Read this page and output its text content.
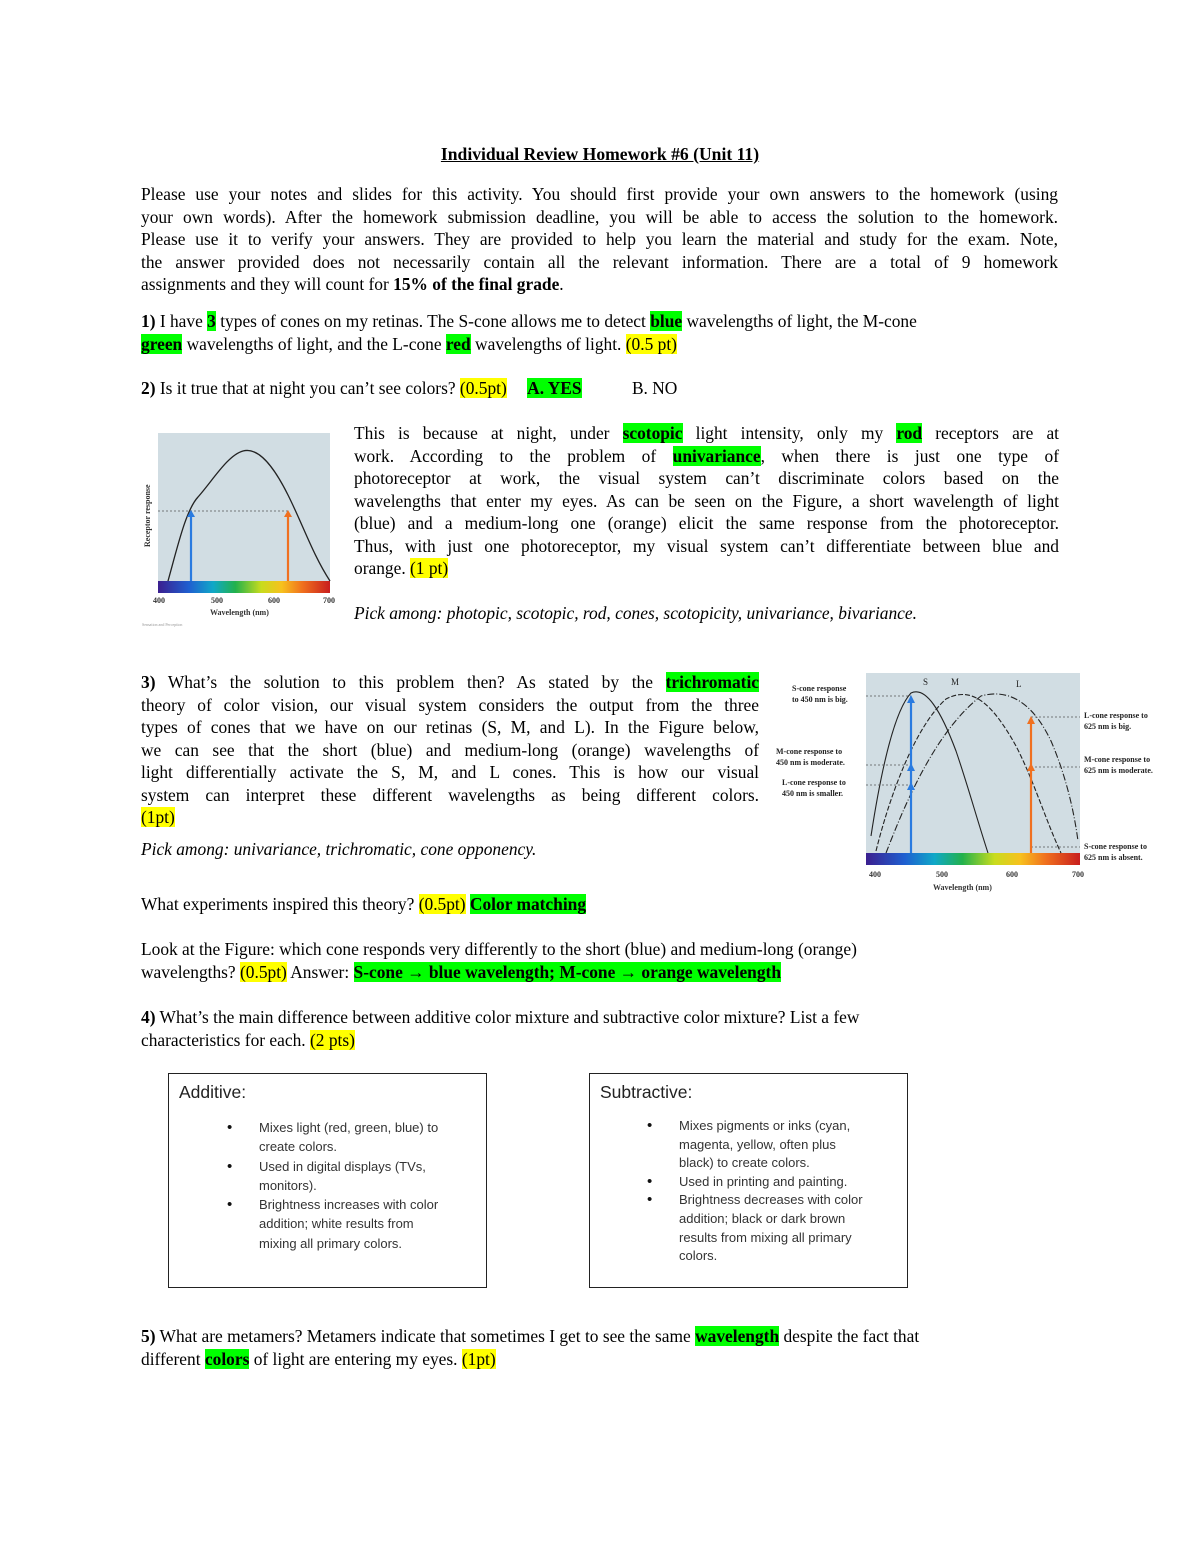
Individual Review Homework #6 (Unit 11)
Please use your notes and slides for this activity. You should first provide your own answers to the homework (using
your own words). After the homework submission deadline, you will be able to access the solution to the homework.
Please use it to verify your answers. They are provided to help you learn the material and study for the exam. Note,
the answer provided does not necessarily contain all the relevant information. There are a total of 9 homework
assignments and they will count for 15% of the final grade.
1) I have 3 types of cones on my retinas. The S-cone allows me to detect blue wavelengths of light, the M-cone
green wavelengths of light, and the L-cone red wavelengths of light. (0.5 pt)
2) Is it true that at night you can’t see colors? (0.5pt) A. YES	B. NO
Receptor response
400	500	600	700
Wavelength (nm)
Sensation and Perception
This is because at night, under scotopic light intensity, only my rod receptors are at
work. According to the problem of univariance, when there is just one type of
photoreceptor at work, the visual system can’t discriminate colors based on the
wavelengths that enter my eyes. As can be seen on the Figure, a short wavelength of light
(blue) and a medium-long one (orange) elicit the same response from the photoreceptor.
Thus, with just one photoreceptor, my visual system can’t differentiate between blue and
orange. (1 pt)
Pick among: photopic, scotopic, rod, cones, scotopicity, univariance, bivariance.
3) What’s the solution to this problem then? As stated by the trichromatic
theory of color vision, our visual system considers the output from the three
types of cones that we have on our retinas (S, M, and L). In the Figure below,
we can see that the short (blue) and medium-long (orange) wavelengths of
light differentially activate the S, M, and L cones. This is how our visual
system can interpret these different wavelengths as being different colors.
(1pt)
Pick among: univariance, trichromatic, cone opponency.
S	M	L
S-cone response
to 450 nm is big.
M-cone response to
450 nm is moderate.
L-cone response to
450 nm is smaller.
L-cone response to
625 nm is big.
M-cone response to
625 nm is moderate.
S-cone response to
625 nm is absent.
400	500	600	700
Wavelength (nm)
What experiments inspired this theory? (0.5pt) Color matching
Look at the Figure: which cone responds very differently to the short (blue) and medium-long (orange)
wavelengths? (0.5pt) Answer: S-cone → blue wavelength; M-cone → orange wavelength
4) What’s the main difference between additive color mixture and subtractive color mixture? List a few
characteristics for each. (2 pts)
Additive:
• Mixes light (red, green, blue) to
create colors.
• Used in digital displays (TVs,
monitors).
• Brightness increases with color
addition; white results from
mixing all primary colors.
Subtractive:
• Mixes pigments or inks (cyan,
magenta, yellow, often plus
black) to create colors.
• Used in printing and painting.
• Brightness decreases with color
addition; black or dark brown
results from mixing all primary
colors.
5) What are metamers? Metamers indicate that sometimes I get to see the same wavelength despite the fact that
different colors of light are entering my eyes. (1pt)
